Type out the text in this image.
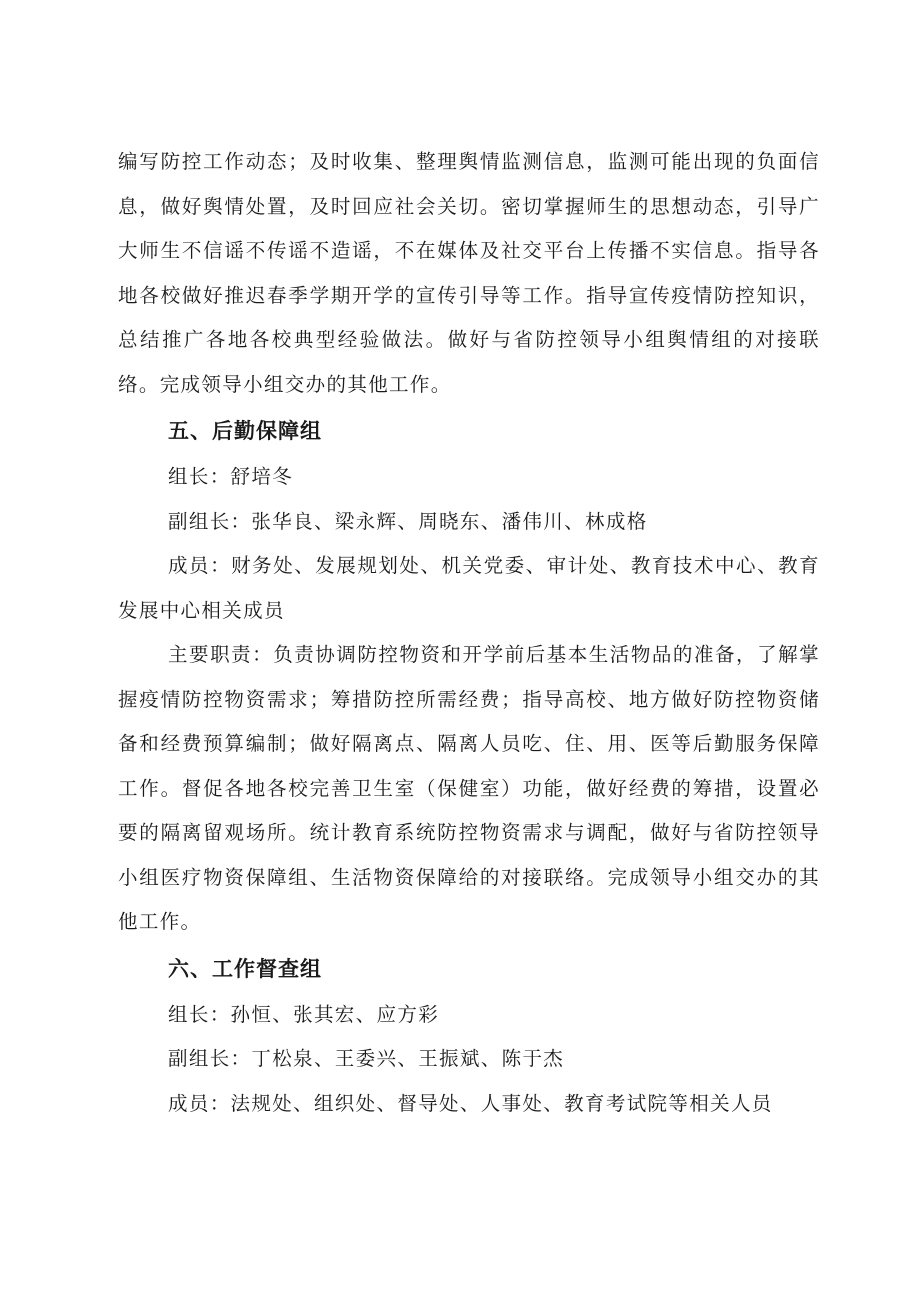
编写防控工作动态；及时收集、整理舆情监测信息，监测可能出现的负面信息，做好舆情处置，及时回应社会关切。密切掌握师生的思想动态，引导广大师生不信谣不传谣不造谣，不在媒体及社交平台上传播不实信息。指导各地各校做好推迟春季学期开学的宣传引导等工作。指导宣传疫情防控知识，总结推广各地各校典型经验做法。做好与省防控领导小组舆情组的对接联络。完成领导小组交办的其他工作。

五、后勤保障组

组长：舒培冬

副组长：张华良、梁永辉、周晓东、潘伟川、林成格

成员：财务处、发展规划处、机关党委、审计处、教育技术中心、教育发展中心相关成员

主要职责：负责协调防控物资和开学前后基本生活物品的准备，了解掌握疫情防控物资需求；筹措防控所需经费；指导高校、地方做好防控物资储备和经费预算编制；做好隔离点、隔离人员吃、住、用、医等后勤服务保障工作。督促各地各校完善卫生室（保健室）功能，做好经费的筹措，设置必要的隔离留观场所。统计教育系统防控物资需求与调配，做好与省防控领导小组医疗物资保障组、生活物资保障给的对接联络。完成领导小组交办的其他工作。

六、工作督查组

组长：孙恒、张其宏、应方彩

副组长：丁松泉、王委兴、王振斌、陈于杰

成员：法规处、组织处、督导处、人事处、教育考试院等相关人员
